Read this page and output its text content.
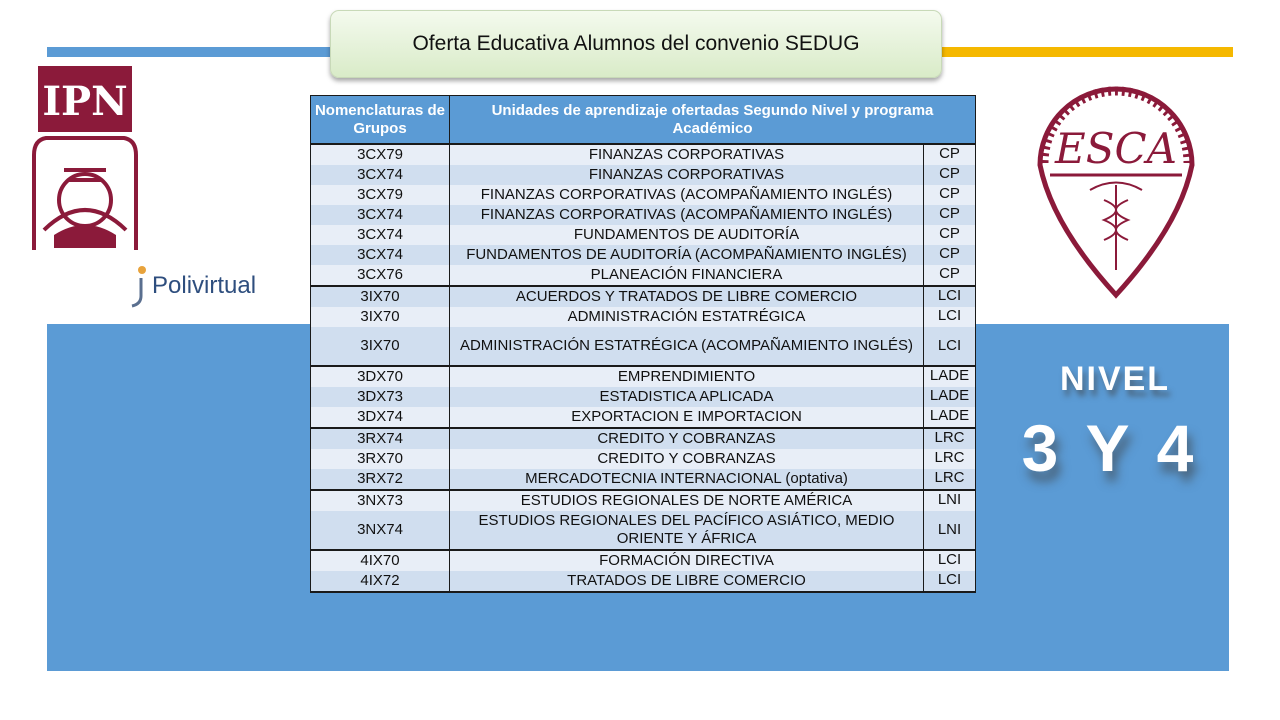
Oferta Educativa Alumnos del convenio SEDUG
IPN
Polivirtual
ESCA
NIVEL
3 Y 4
Nomenclaturas de Grupos	Unidades de aprendizaje ofertadas Segundo Nivel y programa Académico	
3CX79	FINANZAS CORPORATIVAS	CP
3CX74	FINANZAS CORPORATIVAS	CP
3CX79	FINANZAS CORPORATIVAS (ACOMPAÑAMIENTO INGLÉS)	CP
3CX74	FINANZAS CORPORATIVAS (ACOMPAÑAMIENTO INGLÉS)	CP
3CX74	FUNDAMENTOS DE AUDITORÍA	CP
3CX74	FUNDAMENTOS DE AUDITORÍA (ACOMPAÑAMIENTO INGLÉS)	CP
3CX76	PLANEACIÓN FINANCIERA	CP
3IX70	ACUERDOS Y TRATADOS DE LIBRE COMERCIO	LCI
3IX70	ADMINISTRACIÓN ESTATRÉGICA	LCI
3IX70	ADMINISTRACIÓN ESTATRÉGICA (ACOMPAÑAMIENTO INGLÉS)	LCI
3DX70	EMPRENDIMIENTO	LADE
3DX73	ESTADISTICA APLICADA	LADE
3DX74	EXPORTACION E IMPORTACION	LADE
3RX74	CREDITO Y COBRANZAS	LRC
3RX70	CREDITO Y COBRANZAS	LRC
3RX72	MERCADOTECNIA INTERNACIONAL (optativa)	LRC
3NX73	ESTUDIOS REGIONALES DE NORTE AMÉRICA	LNI
3NX74	ESTUDIOS REGIONALES DEL PACÍFICO ASIÁTICO, MEDIO ORIENTE Y ÁFRICA	LNI
4IX70	FORMACIÓN DIRECTIVA	LCI
4IX72	TRATADOS DE LIBRE COMERCIO	LCI
